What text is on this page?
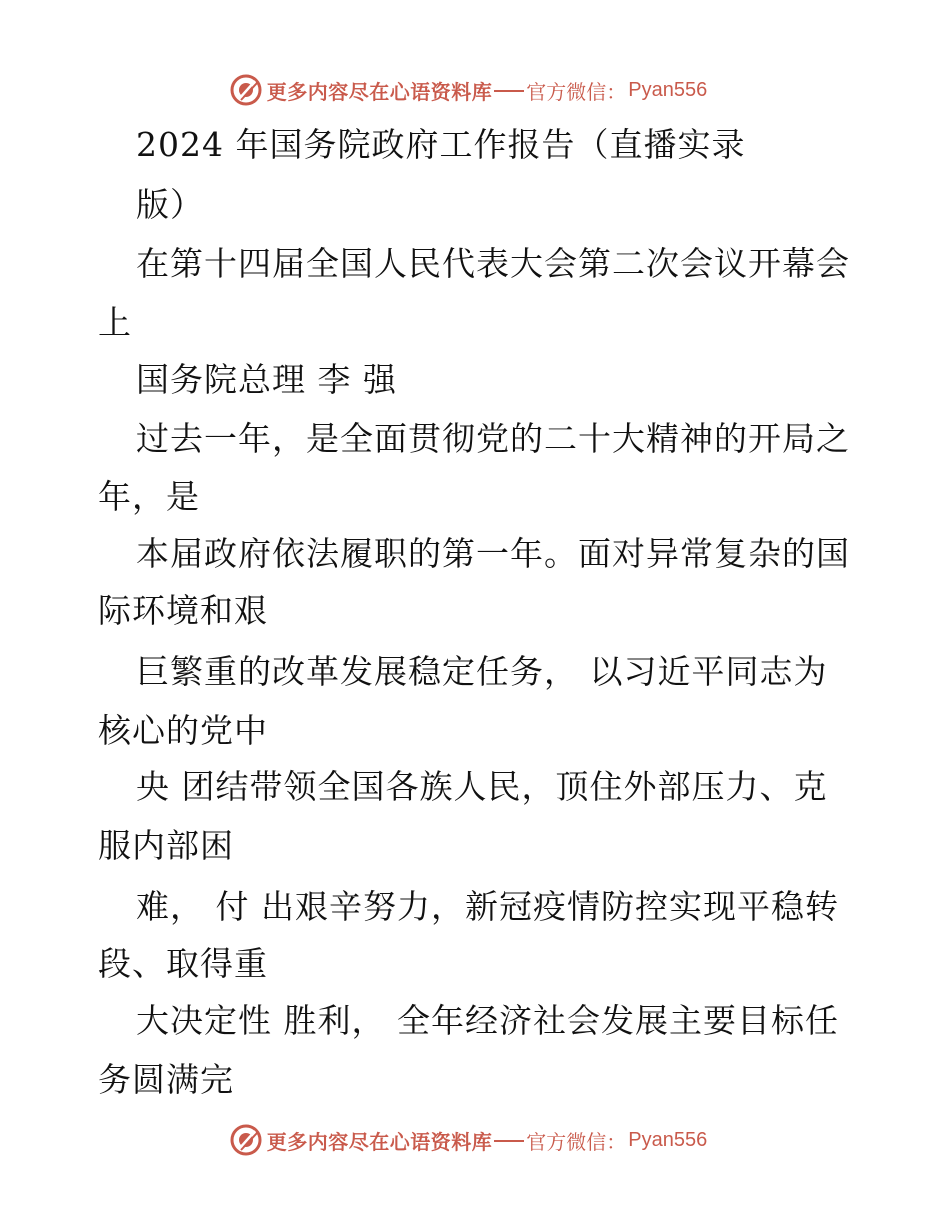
更多内容尽在心语资料库 官方微信： Pyan556
2024 年国务院政府工作报告（直播实录
版）
在第十四届全国人民代表大会第二次会议开幕会
上
国务院总理 李 强
过去一年，是全面贯彻党的二十大精神的开局之
年，是
本届政府依法履职的第一年。面对异常复杂的国
际环境和艰
巨繁重的改革发展稳定任务， 以习近平同志为
核心的党中
央 团结带领全国各族人民，顶住外部压力、克
服内部困
难， 付 出艰辛努力，新冠疫情防控实现平稳转
段、取得重
大决定性 胜利， 全年经济社会发展主要目标任
务圆满完
更多内容尽在心语资料库 官方微信： Pyan556
